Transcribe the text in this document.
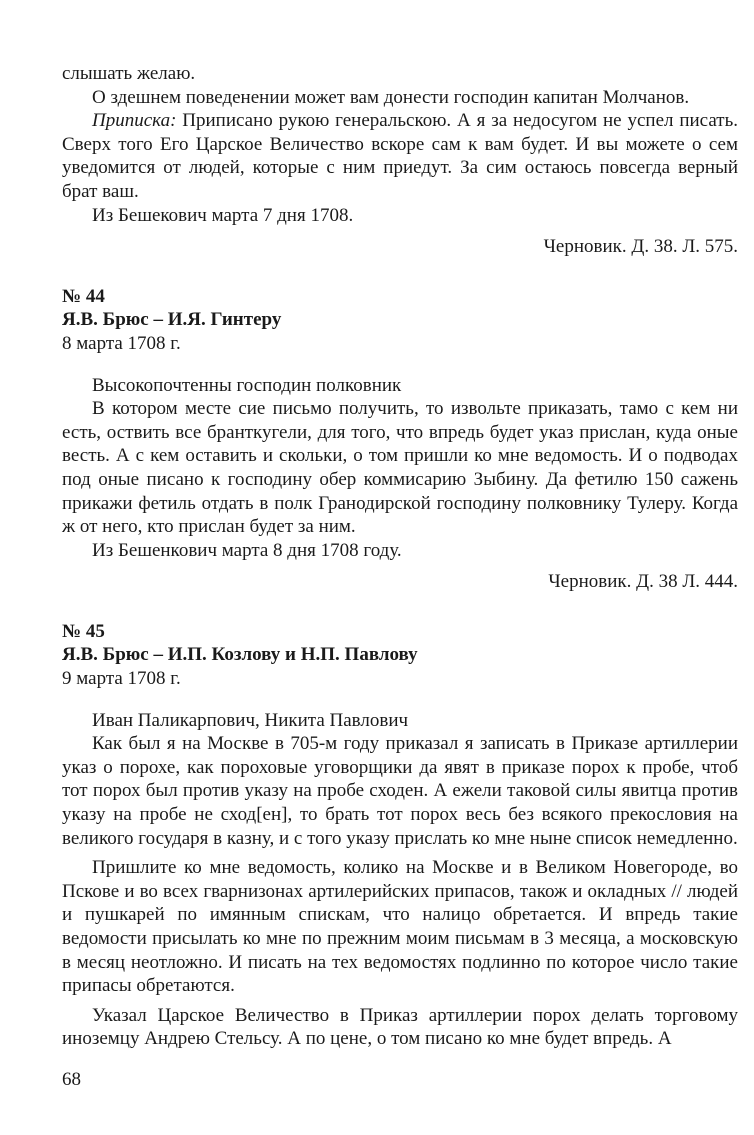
слышать желаю.

О здешнем поведенении может вам донести господин капитан Молчанов.

Приписка: Приписано рукою генеральскою. А я за недосугом не успел писать. Сверх того Его Царское Величество вскоре сам к вам будет. И вы можете о сем уведомится от людей, которые с ним приедут. За сим остаюсь повсегда верный брат ваш.

Из Бешекович марта 7 дня 1708.

Черновик. Д. 38. Л. 575.

№ 44

Я.В. Брюс – И.Я. Гинтеру

8 марта 1708 г.

Высокопочтенны господин полковник

В котором месте сие письмо получить, то извольте приказать, тамо с кем ни есть, оствить все бранткугели, для того, что впредь будет указ прислан, куда оные весть. А с кем оставить и скольки, о том пришли ко мне ведомость. И о подводах под оные писано к господину обер коммисарию Зыбину. Да фетилю 150 сажень прикажи фетиль отдать в полк Гранодирской господину полковнику Тулеру. Когда ж от него, кто прислан будет за ним.

Из Бешенкович марта 8 дня 1708 году.

Черновик. Д. 38 Л. 444.

№ 45

Я.В. Брюс – И.П. Козлову и Н.П. Павлову

9 марта 1708 г.

Иван Паликарпович, Никита Павлович

Как был я на Москве в 705-м году приказал я записать в Приказе артиллерии указ о порохе, как пороховые уговорщики да явят в приказе порох к пробе, чтоб тот порох был против указу на пробе сходен. А ежели таковой силы явитца против указу на пробе не сход[ен], то брать тот порох весь без всякого прекословия на великого государя в казну, и с того указу прислать ко мне ныне список немедленно.

Пришлите ко мне ведомость, колико на Москве и в Великом Новегороде, во Пскове и во всех гварнизонах артилерийских припасов, також и окладных // людей и пушкарей по имянным спискам, что налицо обретается. И впредь такие ведомости присылать ко мне по прежним моим письмам в 3 месяца, а московскую в месяц неотложно. И писать на тех ведомостях подлинно по которое число такие припасы обретаются.

Указал Царское Величество в Приказ артиллерии порох делать торговому иноземцу Андрею Стельсу. А по цене, о том писано ко мне будет впредь. А

68
